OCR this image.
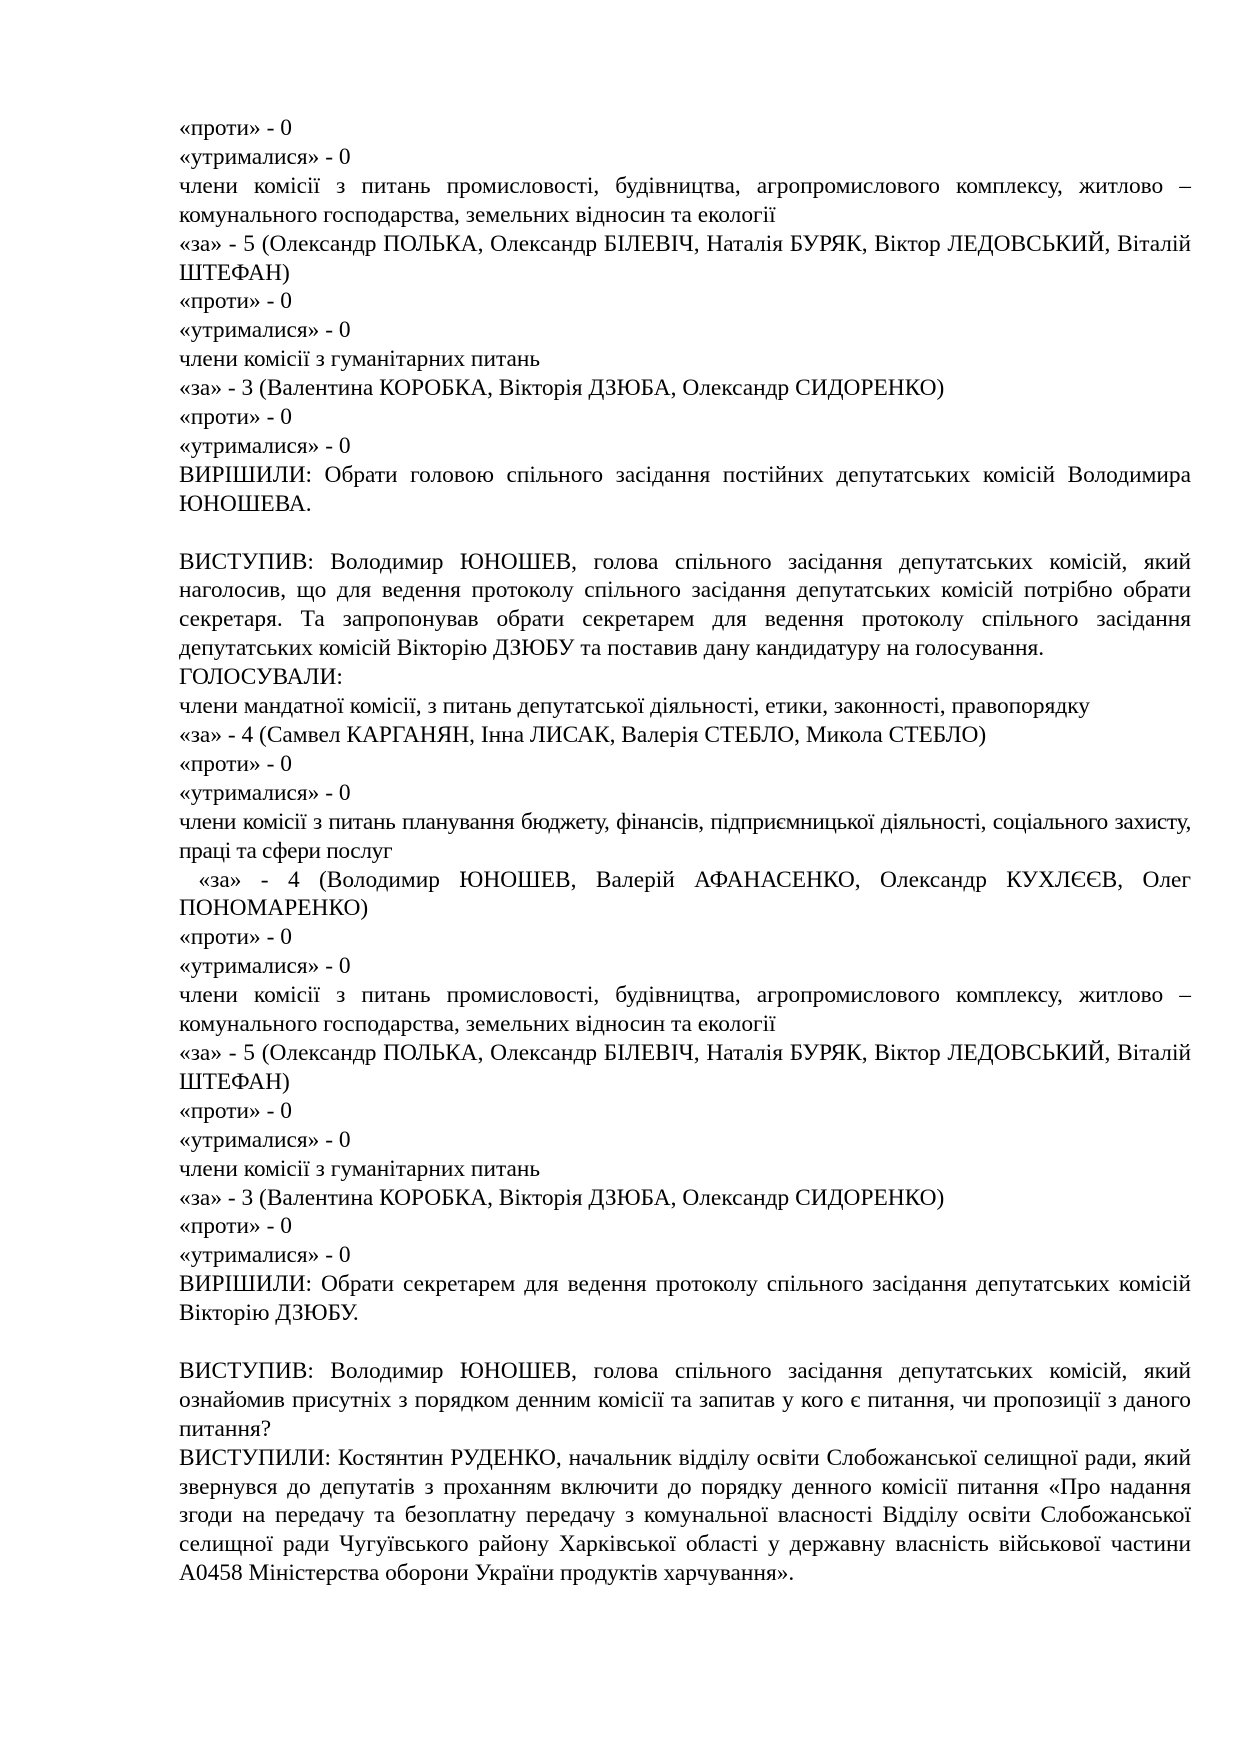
«проти» - 0

«утрималися» - 0

члени комісії з питань промисловості, будівництва, агропромислового комплексу, житлово – комунального господарства, земельних відносин та екології

«за» - 5 (Олександр ПОЛЬКА, Олександр БІЛЕВІЧ, Наталія БУРЯК, Віктор ЛЕДОВСЬКИЙ, Віталій ШТЕФАН)

«проти» - 0

«утрималися» - 0

члени комісії з гуманітарних питань

«за» - 3 (Валентина КОРОБКА, Вікторія ДЗЮБА, Олександр СИДОРЕНКО)

«проти» - 0

«утрималися» - 0

ВИРІШИЛИ: Обрати головою спільного засідання постійних депутатських комісій Володимира ЮНОШЕВА.

ВИСТУПИВ: Володимир ЮНОШЕВ, голова спільного засідання депутатських комісій, який наголосив, що для ведення протоколу спільного засідання депутатських комісій потрібно обрати секретаря. Та запропонував обрати секретарем для ведення протоколу спільного засідання депутатських комісій Вікторію ДЗЮБУ та поставив дану кандидатуру на голосування.

ГОЛОСУВАЛИ:

члени мандатної комісії, з питань депутатської діяльності, етики, законності, правопорядку

«за» - 4 (Самвел КАРГАНЯН, Інна ЛИСАК, Валерія СТЕБЛО, Микола СТЕБЛО)

«проти» - 0

«утрималися» - 0

члени комісії з питань планування бюджету, фінансів, підприємницької діяльності, соціального захисту, праці та сфери послуг

«за» - 4 (Володимир ЮНОШЕВ, Валерій АФАНАСЕНКО, Олександр КУХЛЄЄВ, Олег ПОНОМАРЕНКО)

«проти» - 0

«утрималися» - 0

члени комісії з питань промисловості, будівництва, агропромислового комплексу, житлово – комунального господарства, земельних відносин та екології

«за» - 5 (Олександр ПОЛЬКА, Олександр БІЛЕВІЧ, Наталія БУРЯК, Віктор ЛЕДОВСЬКИЙ, Віталій ШТЕФАН)

«проти» - 0

«утрималися» - 0

члени комісії з гуманітарних питань

«за» - 3 (Валентина КОРОБКА, Вікторія ДЗЮБА, Олександр СИДОРЕНКО)

«проти» - 0

«утрималися» - 0

ВИРІШИЛИ: Обрати секретарем для ведення протоколу спільного засідання депутатських комісій Вікторію ДЗЮБУ.

ВИСТУПИВ: Володимир ЮНОШЕВ, голова спільного засідання депутатських комісій, який ознайомив присутніх з порядком денним комісії та запитав у кого є питання, чи пропозиції з даного питання?

ВИСТУПИЛИ: Костянтин РУДЕНКО, начальник відділу освіти Слобожанської селищної ради, який звернувся до депутатів з проханням включити до порядку денного комісії питання «Про надання згоди на передачу та безоплатну передачу з комунальної власності Відділу освіти Слобожанської селищної ради Чугуївського району Харківської області у державну власність військової частини А0458 Міністерства оборони України продуктів харчування».
